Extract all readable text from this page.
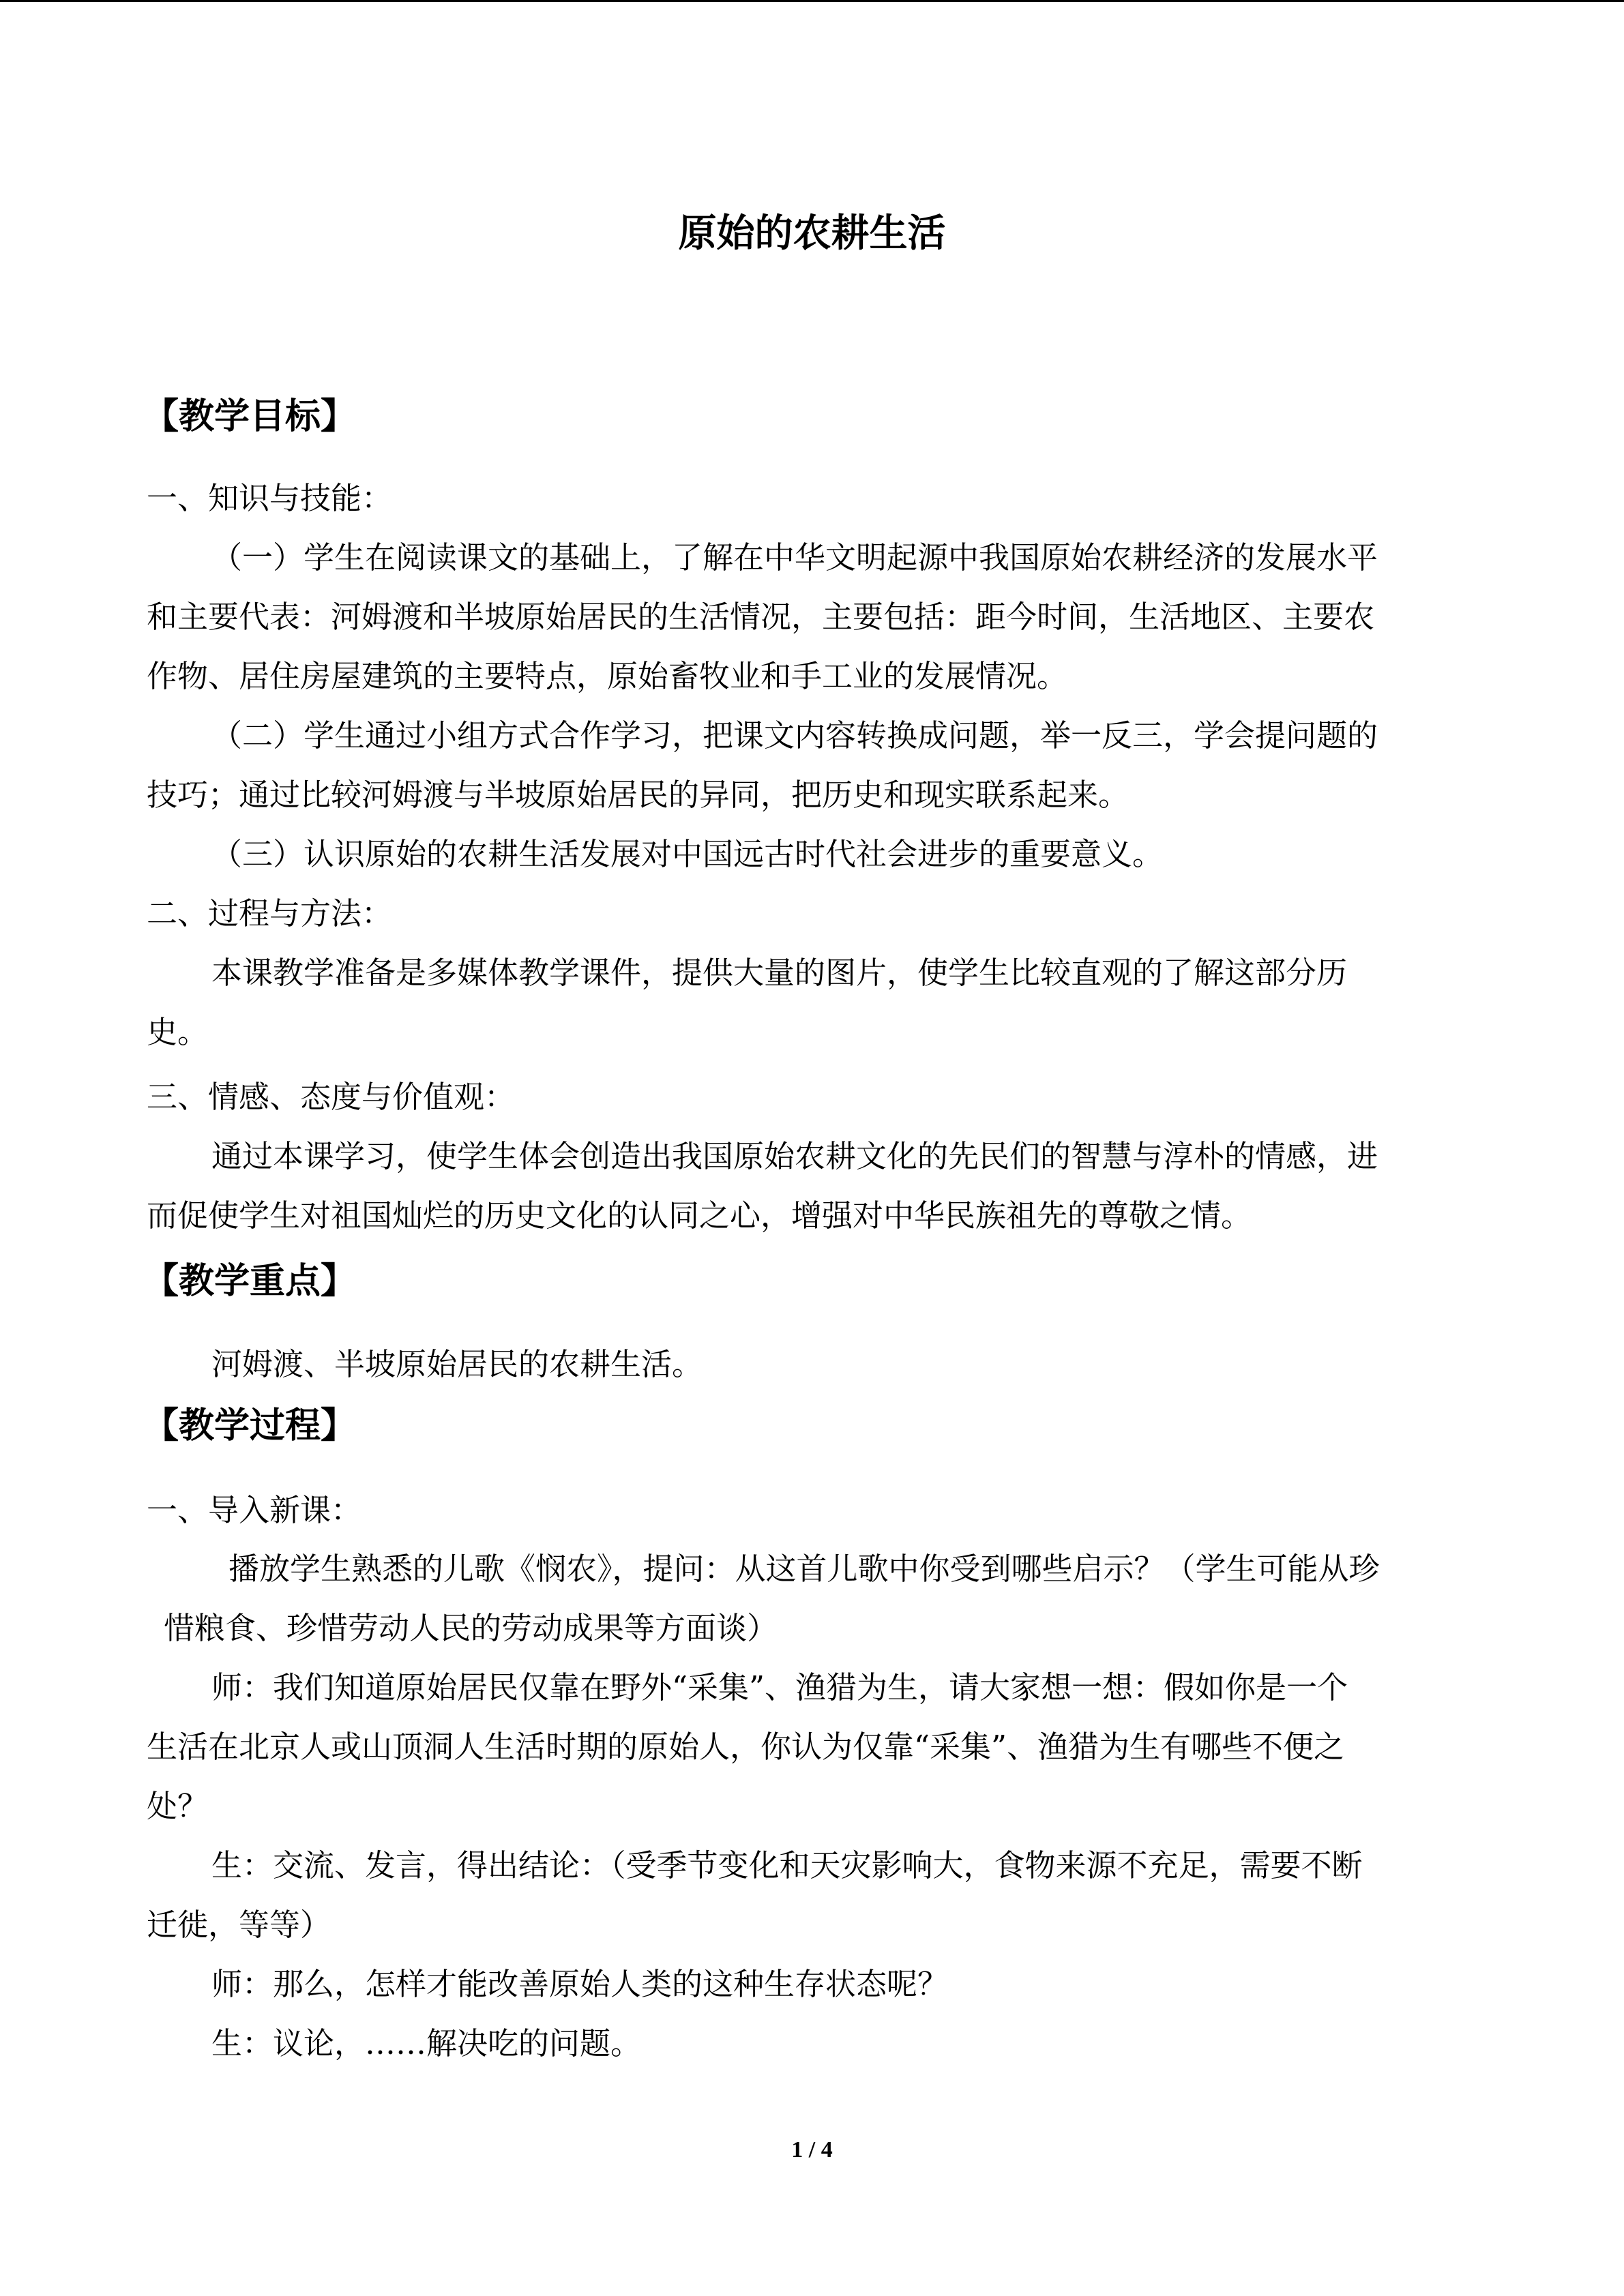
原始的农耕生活
【教学目标】
一、知识与技能：
（一）学生在阅读课文的基础上，了解在中华文明起源中我国原始农耕经济的发展水平
和主要代表：河姆渡和半坡原始居民的生活情况，主要包括：距今时间，生活地区、主要农
作物、居住房屋建筑的主要特点，原始畜牧业和手工业的发展情况。
（二）学生通过小组方式合作学习，把课文内容转换成问题，举一反三，学会提问题的
技巧；通过比较河姆渡与半坡原始居民的异同，把历史和现实联系起来。
（三）认识原始的农耕生活发展对中国远古时代社会进步的重要意义。
二、过程与方法：
本课教学准备是多媒体教学课件，提供大量的图片，使学生比较直观的了解这部分历
史。
三、情感、态度与价值观：
通过本课学习，使学生体会创造出我国原始农耕文化的先民们的智慧与淳朴的情感，进
而促使学生对祖国灿烂的历史文化的认同之心，增强对中华民族祖先的尊敬之情。
【教学重点】
河姆渡、半坡原始居民的农耕生活。
【教学过程】
一、导入新课：
播放学生熟悉的儿歌《悯农》，提问：从这首儿歌中你受到哪些启示？（学生可能从珍
惜粮食、珍惜劳动人民的劳动成果等方面谈）
师：我们知道原始居民仅靠在野外“采集”、渔猎为生，请大家想一想：假如你是一个
生活在北京人或山顶洞人生活时期的原始人，你认为仅靠“采集”、渔猎为生有哪些不便之
处？
生：交流、发言，得出结论：（受季节变化和天灾影响大，食物来源不充足，需要不断
迁徙，等等）
师：那么，怎样才能改善原始人类的这种生存状态呢？
生：议论，……解决吃的问题。
1 / 4
